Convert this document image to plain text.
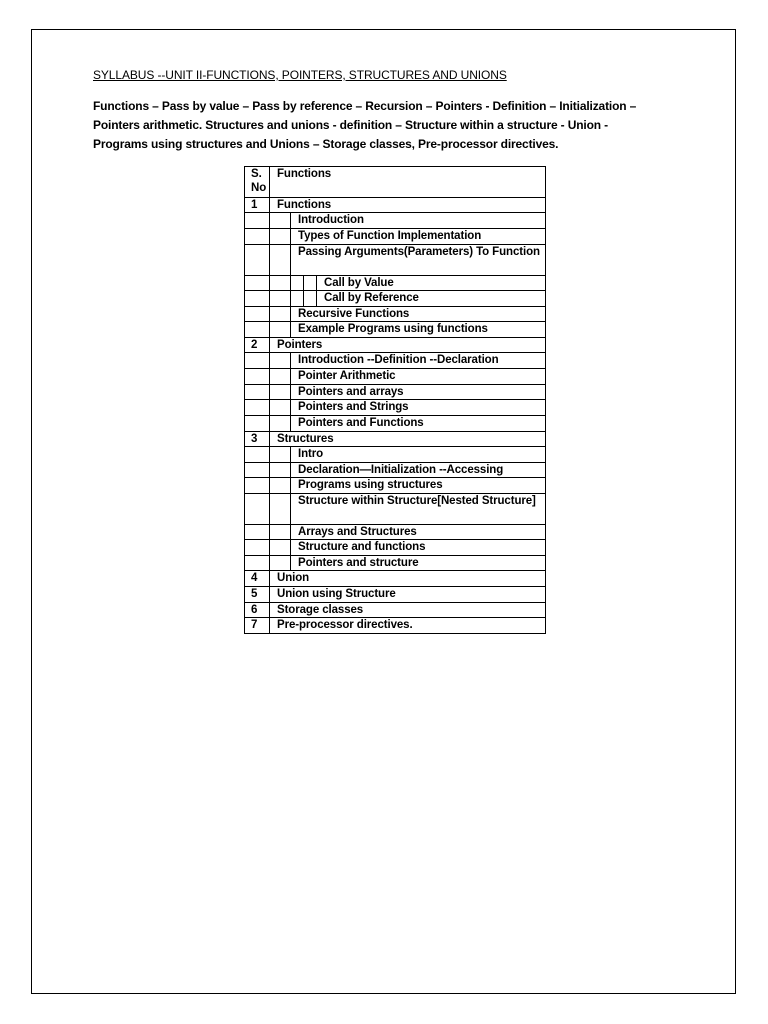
SYLLABUS --UNIT II-FUNCTIONS, POINTERS, STRUCTURES AND UNIONS
Functions – Pass by value – Pass by reference – Recursion – Pointers - Definition – Initialization –
Pointers arithmetic. Structures and unions - definition – Structure within a structure - Union -
Programs using structures and Unions – Storage classes, Pre-processor directives.
S. No
Functions
1 Functions
Introduction
Types of Function Implementation
Passing Arguments(Parameters) To Function
Call by Value
Call by Reference
Recursive Functions
Example Programs using functions
2 Pointers
Introduction --Definition --Declaration
Pointer Arithmetic
Pointers and arrays
Pointers and Strings
Pointers and Functions
3 Structures
Intro
Declaration—Initialization --Accessing
Programs using structures
Structure within Structure[Nested Structure]
Arrays and Structures
Structure and functions
Pointers and structure
4 Union
5 Union using Structure
6 Storage classes
7 Pre-processor directives.
